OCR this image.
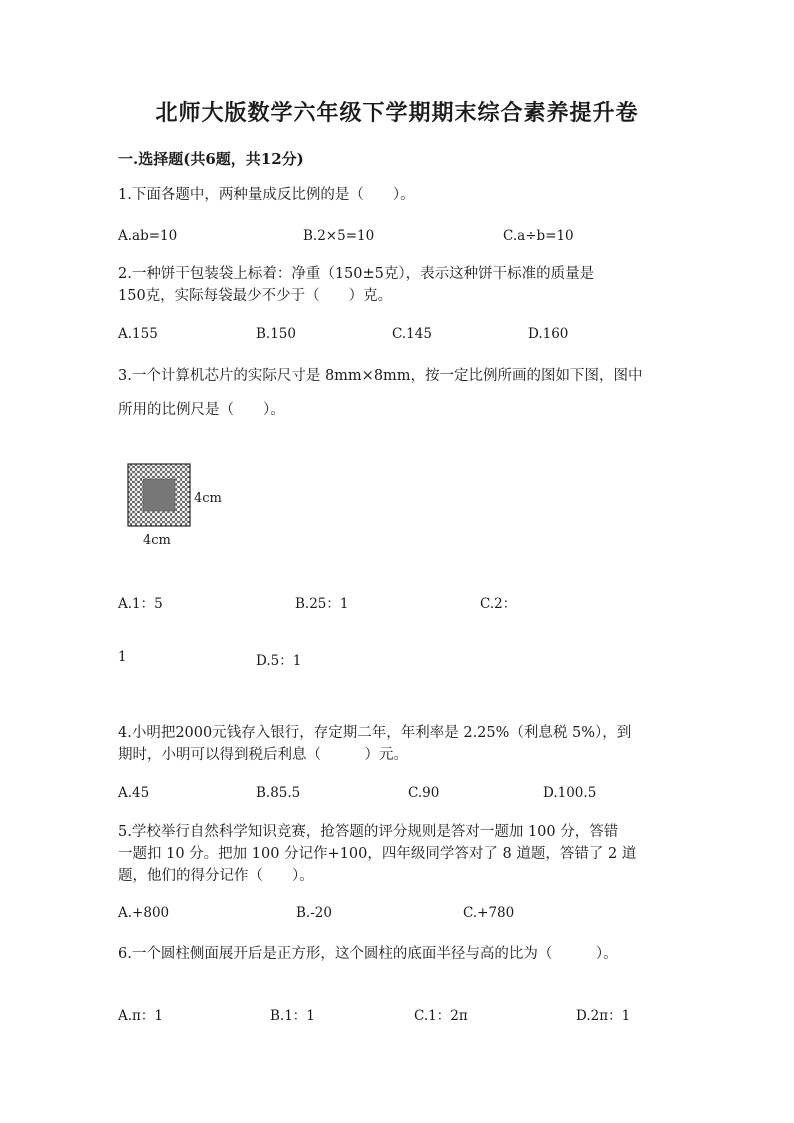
北师大版数学六年级下学期期末综合素养提升卷
一.选择题(共6题，共12分)
1.下面各题中，两种量成反比例的是（　　）。
A.ab=10	B.2×5=10	C.a÷b=10
2.一种饼干包装袋上标着：净重（150±5克），表示这种饼干标准的质量是
150克，实际每袋最少不少于（　　）克。
A.155	B.150	C.145	D.160
3.一个计算机芯片的实际尺寸是 8mm×8mm，按一定比例所画的图如下图，图中
所用的比例尺是（　　）。
4cm
4cm
A.1：5	B.25：1	C.2：
1	D.5：1
4.小明把2000元钱存入银行，存定期二年，年利率是 2.25%（利息税 5%），到
期时，小明可以得到税后利息（　　　）元。
A.45	B.85.5	C.90	D.100.5
5.学校举行自然科学知识竞赛，抢答题的评分规则是答对一题加 100 分，答错
一题扣 10 分。把加 100 分记作+100，四年级同学答对了 8 道题，答错了 2 道
题，他们的得分记作（　　）。
A.+800	B.-20	C.+780
6.一个圆柱侧面展开后是正方形，这个圆柱的底面半径与高的比为（　　　）。
A.π：1	B.1：1	C.1：2π	D.2π：1
